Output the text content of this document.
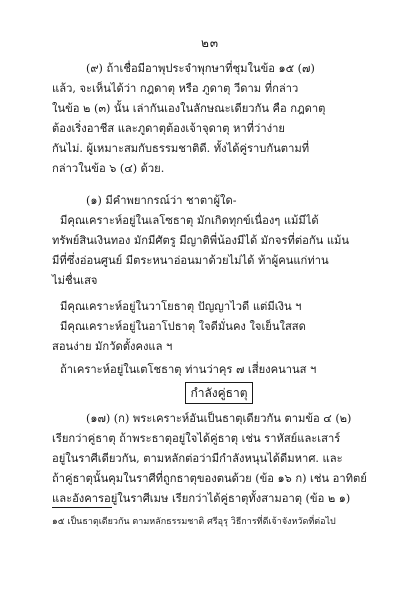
๒๓
(๙) ถ้าเชื่อมีอาพุประจำพุกษาที่ชุมในข้อ ๑๕ (๗)
แล้ว, จะเห็นได้ว่า กฎดาตุ หรือ ภูดาตุ วีดาม ที่กล่าว
ในข้อ ๒ (๓) นั้น เล่ากันเองในลักษณะเดียวกัน คือ กฎดาตุ
ต้องเริ่งอาชีส และภูดาตุต้องเจ้าจุดาตุ หาที่ว่าง่าย
กันไม่. ผู้เหมาะสมกับธรรมชาติดี. ทั้งได้คู่ราบกันตามที่
กล่าวในข้อ ๖ (๔) ด้วย.
(๑) มีคำพยากรณ์ว่า ชาตาผู้ใด-
มีคุณเคราะห์อยู่ในเลโซธาตุ มักเกิดทุกข์เนื่องๆ แม้มีได้
ทรัพย์สินเงินทอง มักมีศัตรู มีญาติพี่น้องมีได้ มักจรที่ต่อกัน แม้น
มีที่ซึ่งอ่อนศูนย์ มีตระหนาอ่อนมาด้วยไม่ได้ ท้าผู้คนแก่ท่าน
ไม่ชื่นเสจ
มีคุณเคราะห์อยู่ในวาโยธาตุ ปัญญาไวดี แต่มีเงิน ฯ
มีคุณเคราะห์อยู่ในอาโปธาตุ ใจดีมั่นคง ใจเย็นใสสด
สอนง่าย มักวัดตั้งคงแล ฯ
ถ้าเคราะห์อยู่ในเตโชธาตุ ท่านว่าคุร ๗ เสี่ยงคนานส ฯ
กำลังคู่ธาตุ
(๑๗) (ก) พระเคราะห์อันเป็นธาตุเดียวกัน ตามข้อ ๔ (๒)
เรียกว่าคู่ธาตุ ถ้าพระธาตุอยู่ใจได้คู่ธาตุ เช่น ราหัสย์และเสาร์
อยู่ในราศีเดียวกัน, ตามหลักต่อว่ามีกำลังหนุนได้ดีมหาศ. และ
ถ้าคู่ธาตุนั้นคุมในราศีที่ถูกธาตุของตนด้วย (ข้อ ๑๖ ก) เช่น อาทิตย์
และอังคารอยู่ในราศีเมษ เรียกว่าได้คู่ธาตุทั้งสามอาตุ (ข้อ ๒ ๑)
๑๕ เป็นธาตุเดียวกัน ตามหลักธรรมชาติ ศรีอุรุ วิธีการที่ดีเจ้าจังหวัดที่ต่อไป
